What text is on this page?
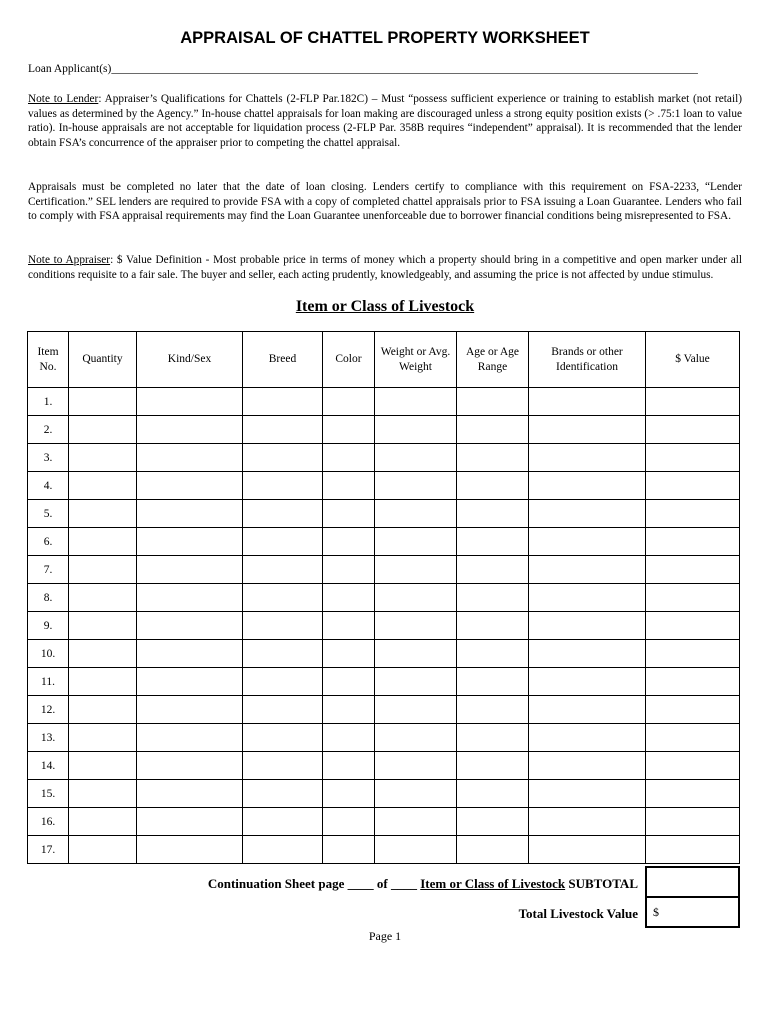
APPRAISAL OF CHATTEL PROPERTY WORKSHEET
Loan Applicant(s)______________________________________________________________________________________________________

Note to Lender: Appraiser’s Qualifications for Chattels (2-FLP Par.182C) – Must “possess sufficient experience or training to establish market (not retail) values as determined by the Agency.” In-house chattel appraisals for loan making are discouraged unless a strong equity position exists (> .75:1 loan to value ratio). In-house appraisals are not acceptable for liquidation process (2-FLP Par. 358B requires “independent” appraisal). It is recommended that the lender obtain FSA’s concurrence of the appraiser prior to competing the chattel appraisal.

Appraisals must be completed no later that the date of loan closing. Lenders certify to compliance with this requirement on FSA-2233, “Lender Certification.” SEL lenders are required to provide FSA with a copy of completed chattel appraisals prior to FSA issuing a Loan Guarantee. Lenders who fail to comply with FSA appraisal requirements may find the Loan Guarantee unenforceable due to borrower financial conditions being misrepresented to FSA.

Note to Appraiser: $ Value Definition - Most probable price in terms of money which a property should bring in a competitive and open marker under all conditions requisite to a fair sale. The buyer and seller, each acting prudently, knowledgeably, and assuming the price is not affected by undue stimulus.

Item or Class of Livestock
Item No.	Quantity	Kind/Sex	Breed	Color	Weight or Avg. Weight	Age or Age Range	Brands or other Identification	$ Value
1.								
2.								
3.								
4.								
5.								
6.								
7.								
8.								
9.								
10.								
11.								
12.								
13.								
14.								
15.								
16.								
17.								
Continuation Sheet page ____ of ____ Item or Class of Livestock SUBTOTAL
Total Livestock Value	$
Page 1
